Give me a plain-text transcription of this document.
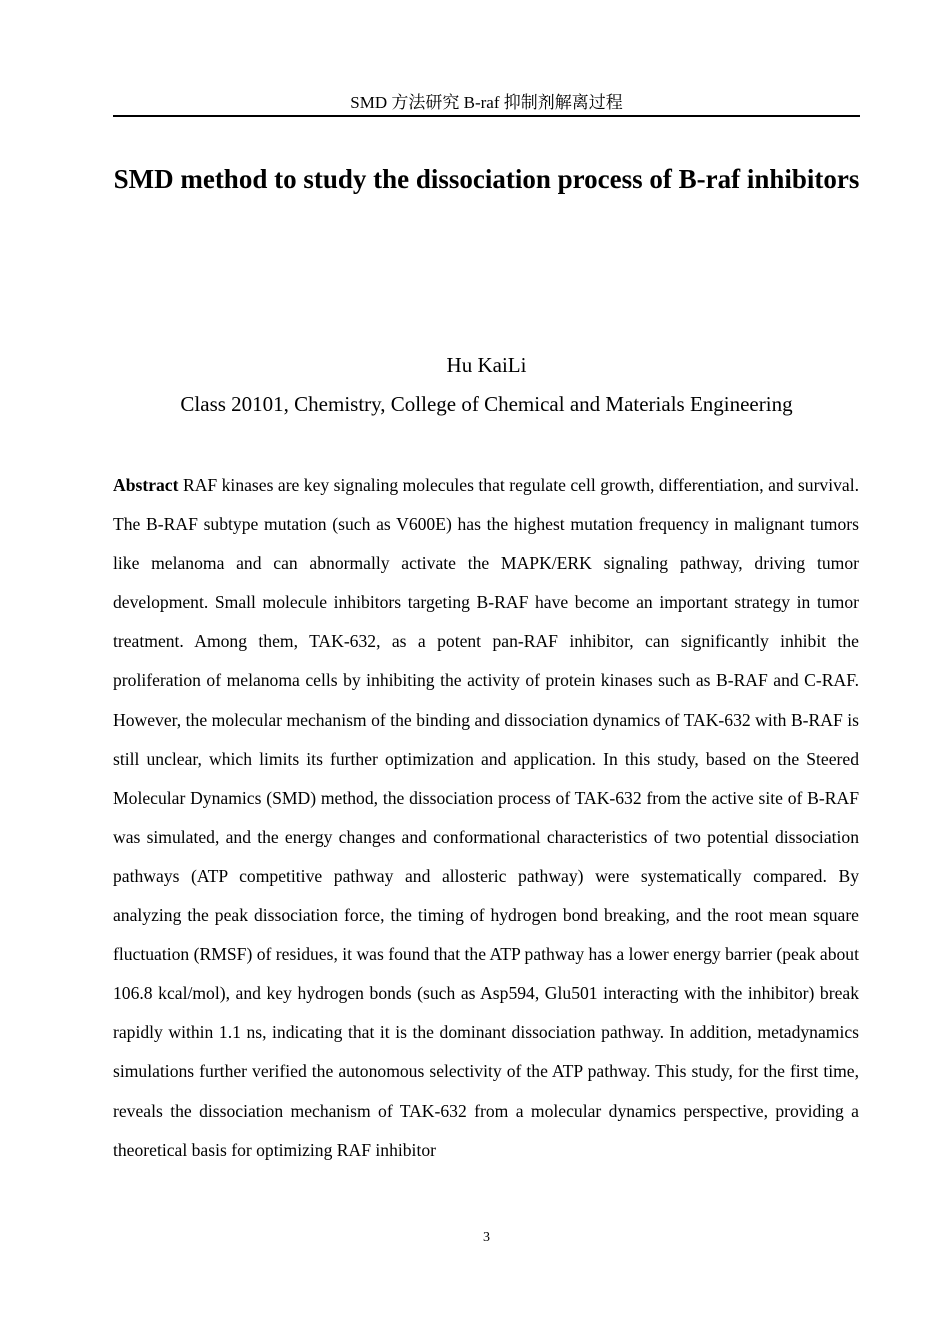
SMD 方法研究 B-raf 抑制剂解离过程
SMD method to study the dissociation process of B-raf inhibitors
Hu KaiLi
Class 20101, Chemistry, College of Chemical and Materials Engineering

Abstract RAF kinases are key signaling molecules that regulate cell growth, differentiation, and survival. The B-RAF subtype mutation (such as V600E) has the highest mutation frequency in malignant tumors like melanoma and can abnormally activate the MAPK/ERK signaling pathway, driving tumor development. Small molecule inhibitors targeting B-RAF have become an important strategy in tumor treatment. Among them, TAK-632, as a potent pan-RAF inhibitor, can significantly inhibit the proliferation of melanoma cells by inhibiting the activity of protein kinases such as B-RAF and C-RAF. However, the molecular mechanism of the binding and dissociation dynamics of TAK-632 with B-RAF is still unclear, which limits its further optimization and application. In this study, based on the Steered Molecular Dynamics (SMD) method, the dissociation process of TAK-632 from the active site of B-RAF was simulated, and the energy changes and conformational characteristics of two potential dissociation pathways (ATP competitive pathway and allosteric pathway) were systematically compared. By analyzing the peak dissociation force, the timing of hydrogen bond breaking, and the root mean square fluctuation (RMSF) of residues, it was found that the ATP pathway has a lower energy barrier (peak about 106.8 kcal/mol), and key hydrogen bonds (such as Asp594, Glu501 interacting with the inhibitor) break rapidly within 1.1 ns, indicating that it is the dominant dissociation pathway. In addition, metadynamics simulations further verified the autonomous selectivity of the ATP pathway. This study, for the first time, reveals the dissociation mechanism of TAK-632 from a molecular dynamics perspective, providing a theoretical basis for optimizing RAF inhibitor

3
